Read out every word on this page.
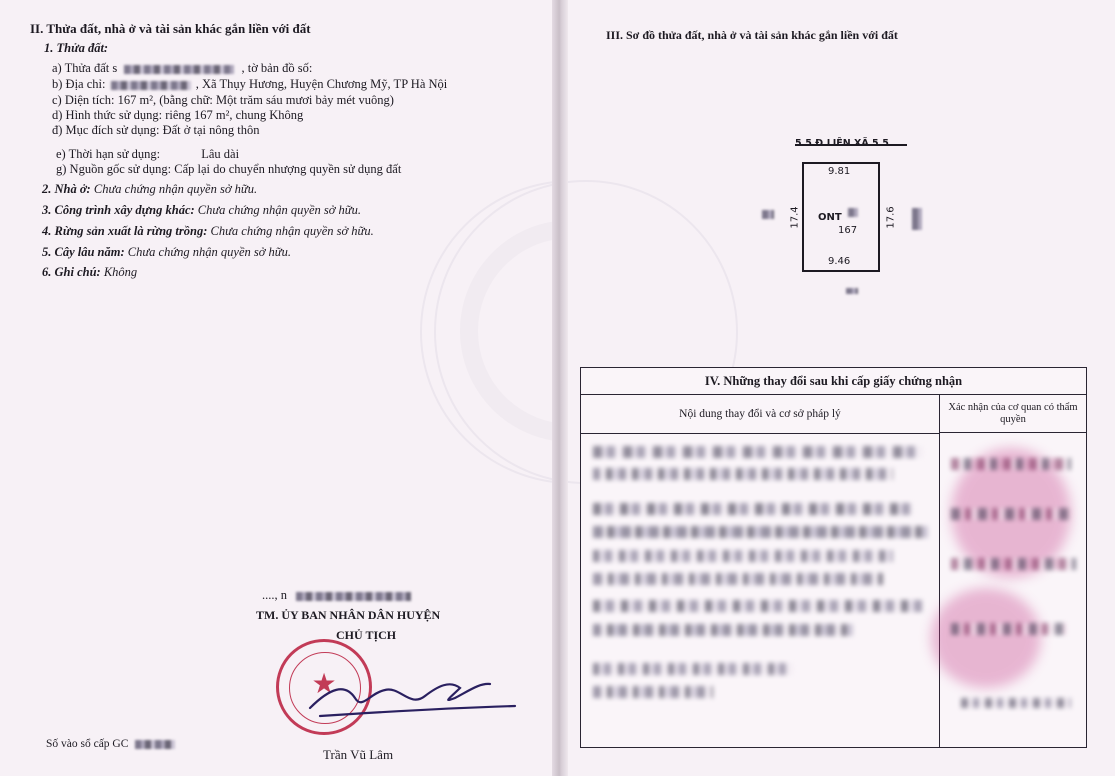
II. Thửa đất, nhà ở và tài sản khác gắn liền với đất
1. Thửa đất:
a) Thửa đất s	, tờ bản đồ số:
b) Địa chỉ:	, Xã Thụy Hương, Huyện Chương Mỹ, TP Hà Nội
c) Diện tích: 167 m², (bằng chữ: Một trăm sáu mươi bảy mét vuông)
d) Hình thức sử dụng: riêng 167 m², chung Không
đ) Mục đích sử dụng: Đất ở tại nông thôn
e) Thời hạn sử dụng:	Lâu dài
g) Nguồn gốc sử dụng: Cấp lại do chuyển nhượng quyền sử dụng đất
2. Nhà ở: Chưa chứng nhận quyền sở hữu.
3. Công trình xây dựng khác: Chưa chứng nhận quyền sở hữu.
4. Rừng sản xuất là rừng trồng: Chưa chứng nhận quyền sở hữu.
5. Cây lâu năm: Chưa chứng nhận quyền sở hữu.
6. Ghi chú: Không
...., n
TM. ỦY BAN NHÂN DÂN HUYỆN
CHỦ TỊCH
★
Trần Vũ Lâm
Số vào sổ cấp GC
III. Sơ đồ thửa đất, nhà ở và tài sản khác gắn liền với đất
5.5 Đ.LIÊN XÃ 5.5
9.81
17.4	17.6
ONT
167
9.46
IV. Những thay đổi sau khi cấp giấy chứng nhận
Nội dung thay đổi và cơ sở pháp lý
Xác nhận của cơ quan có thẩm quyền
